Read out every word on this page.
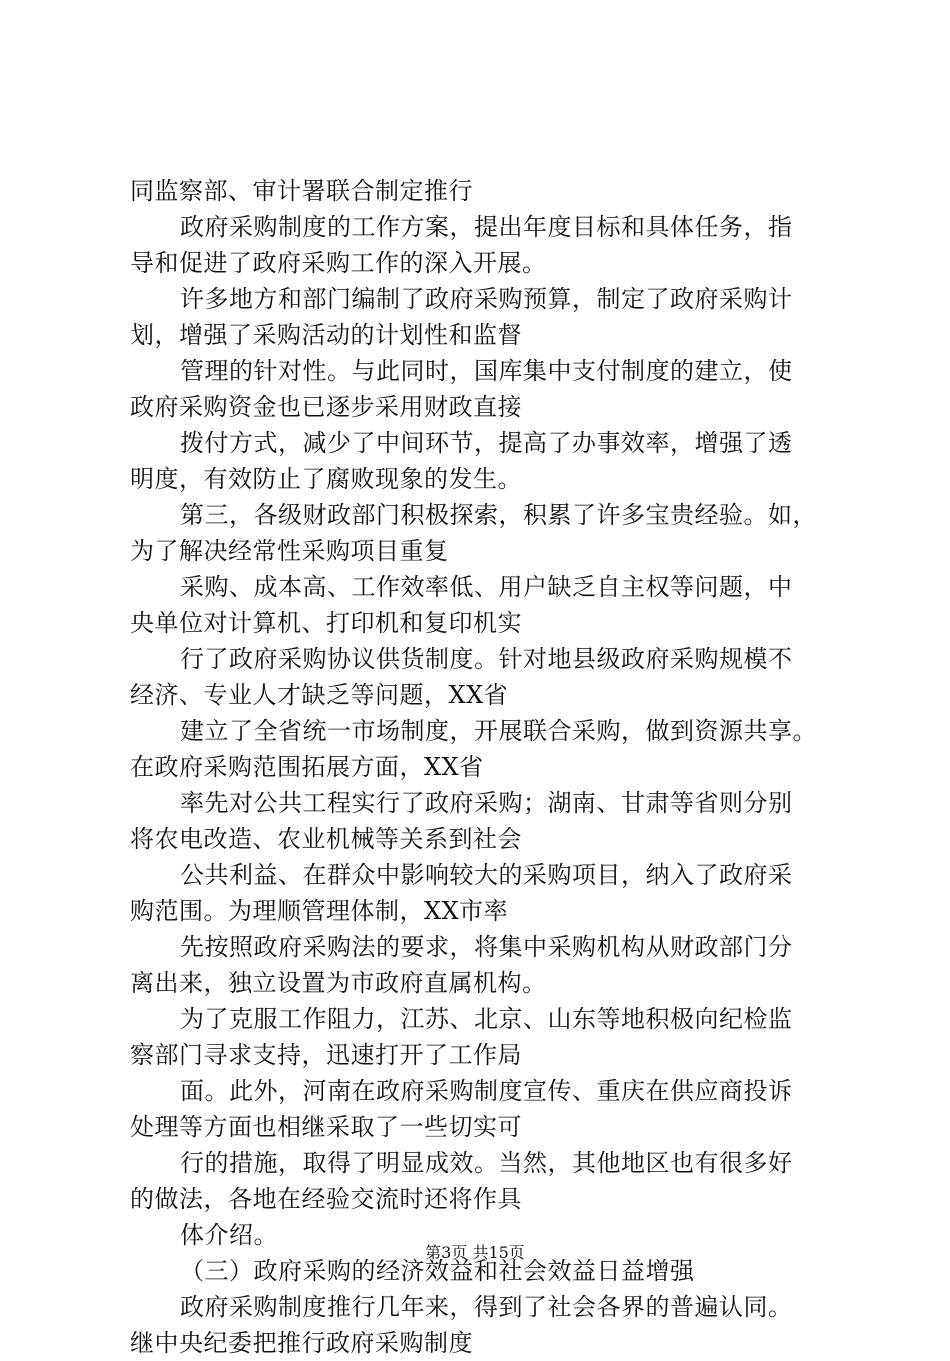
同监察部、审计署联合制定推行
政府采购制度的工作方案，提出年度目标和具体任务，指
导和促进了政府采购工作的深入开展。
许多地方和部门编制了政府采购预算，制定了政府采购计
划，增强了采购活动的计划性和监督
管理的针对性。与此同时，国库集中支付制度的建立，使
政府采购资金也已逐步采用财政直接
拨付方式，减少了中间环节，提高了办事效率，增强了透
明度，有效防止了腐败现象的发生。
第三，各级财政部门积极探索，积累了许多宝贵经验。如，
为了解决经常性采购项目重复
采购、成本高、工作效率低、用户缺乏自主权等问题，中
央单位对计算机、打印机和复印机实
行了政府采购协议供货制度。针对地县级政府采购规模不
经济、专业人才缺乏等问题，XX省
建立了全省统一市场制度，开展联合采购，做到资源共享。
在政府采购范围拓展方面，XX省
率先对公共工程实行了政府采购；湖南、甘肃等省则分别
将农电改造、农业机械等关系到社会
公共利益、在群众中影响较大的采购项目，纳入了政府采
购范围。为理顺管理体制，XX市率
先按照政府采购法的要求，将集中采购机构从财政部门分
离出来，独立设置为市政府直属机构。
为了克服工作阻力，江苏、北京、山东等地积极向纪检监
察部门寻求支持，迅速打开了工作局
面。此外，河南在政府采购制度宣传、重庆在供应商投诉
处理等方面也相继采取了一些切实可
行的措施，取得了明显成效。当然，其他地区也有很多好
的做法，各地在经验交流时还将作具
体介绍。
（三）政府采购的经济效益和社会效益日益增强
政府采购制度推行几年来，得到了社会各界的普遍认同。
继中央纪委把推行政府采购制度
第3页 共15页
